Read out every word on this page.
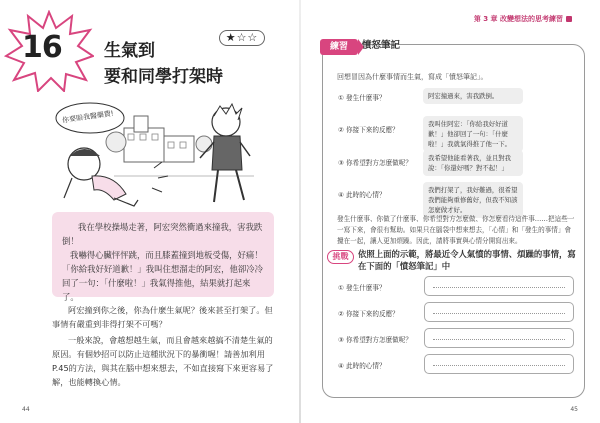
16 生氣到
要和同學打架時
★☆☆
你要賠我醫藥費!

我在學校操場走著，阿宏突然衝過來撞我，害我跌倒！

我嚇得心臟怦怦跳，而且膝蓋撞到地板受傷，好痛！「你給我好好道歉！」我叫住想溜走的阿宏，他卻冷冷回了一句：「什麼啦！」我氣得推他，結果就打起來了。

阿宏撞到你之後，你為什麼生氣呢？後來甚至打架了。但事情有嚴重到非得打架不可嗎？

一般來說，會越想越生氣，而且會越來越搞不清楚生氣的原因。有個妙招可以防止這種狀況下的暴衝喔！請善加利用P.45的方法，與其在腦中想來想去，不如直接寫下來更容易了解，也能轉換心情。

44
第 3 章 改變想法的思考練習
練習	憤怒筆記
回想冒因為什麼事情而生氣，寫成「憤怒筆記」。
① 發生什麼事？	阿宏撞過來，害我跌倒。
② 你接下來的反應？
我叫住阿宏：「你給我好好道歉！」他卻回了一句：「什麼啦！」我就氣得推了他一下。
③ 你希望對方怎麼做呢？
我希望他能看著我，並且對我說：「你還好嗎？對不起！」
④ 此時的心情？
我們打架了，我好難過，很希望我們能夠重修舊好，但我不知該怎麼做才好。

發生什麼事、你做了什麼事、你希望對方怎麼做、你怎麼看待這件事……把這些一一寫下來，會很有幫助。如果只在腦袋中想來想去，「心情」和「發生的事情」會攪在一起，讓人更加煩躁。因此，請將事實與心情分開寫出來。

挑戰	依照上面的示範，將最近令人氣憤的事情、煩躁的事情，寫在下面的「憤怒筆記」中
① 發生什麼事？
② 你接下來的反應？
③ 你希望對方怎麼做呢？
④ 此時的心情？
45
